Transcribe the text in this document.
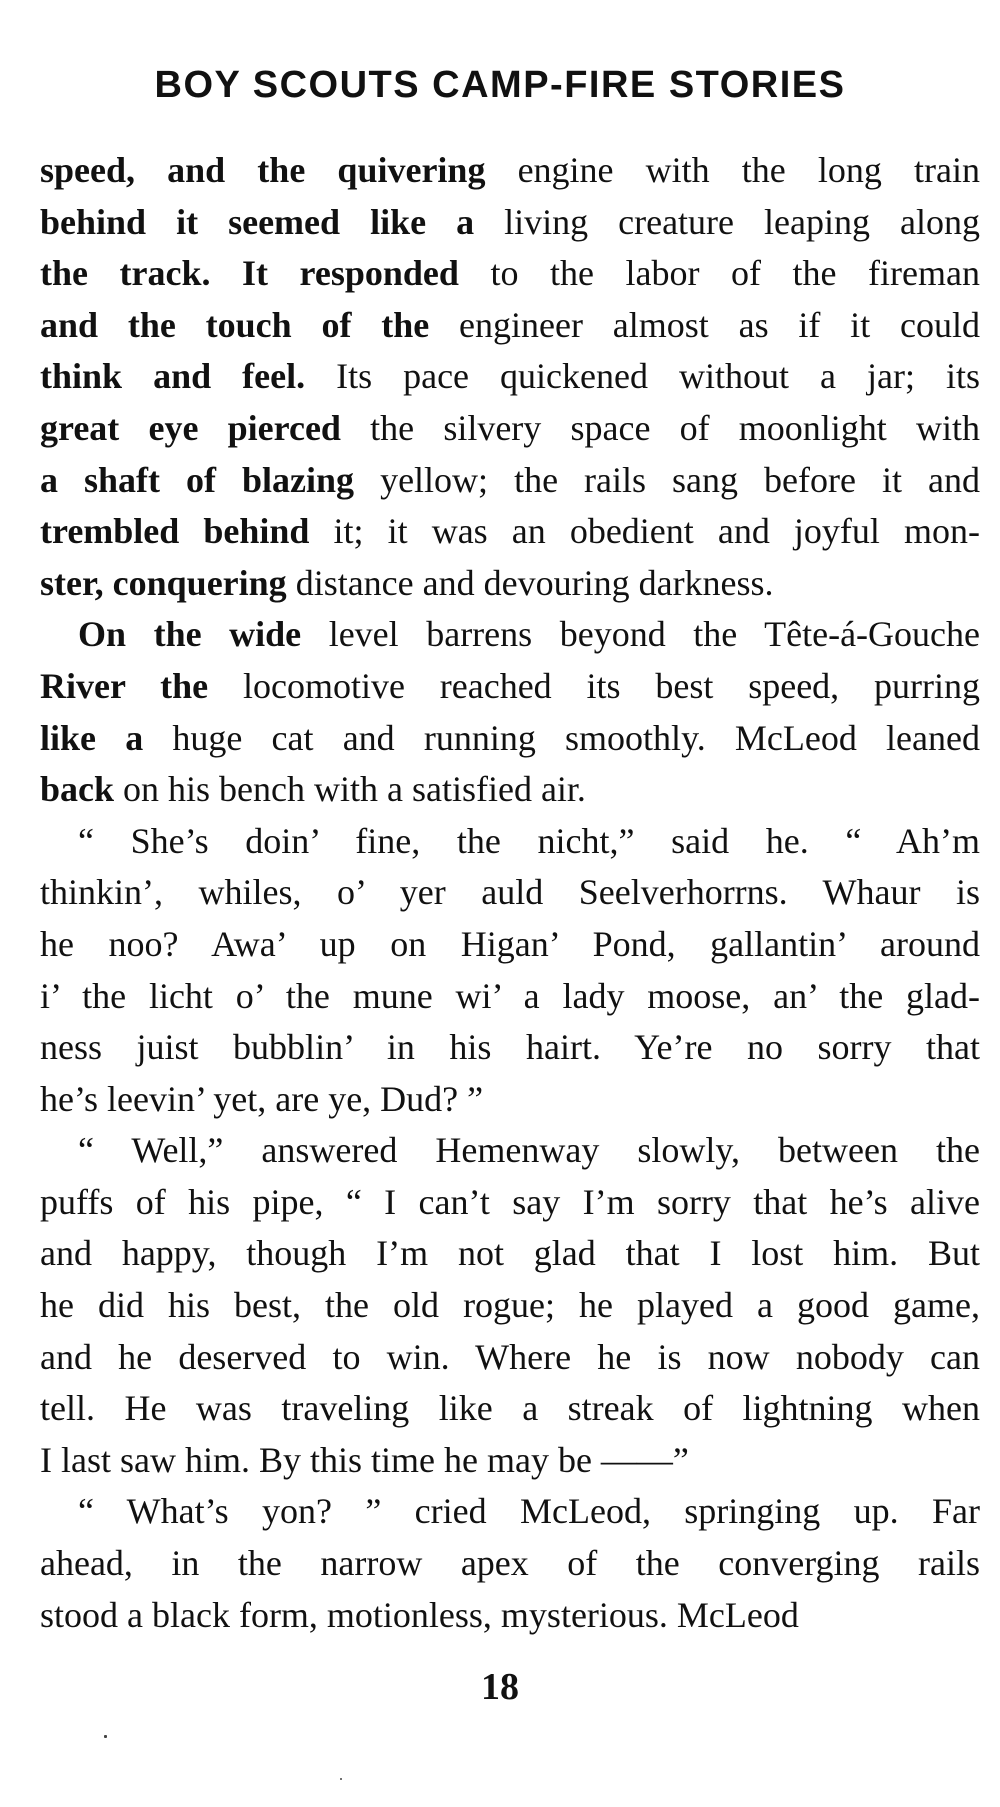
BOY SCOUTS CAMP-FIRE STORIES
speed, and the quivering engine with the long train
behind it seemed like a living creature leaping along
the track. It responded to the labor of the fireman
and the touch of the engineer almost as if it could
think and feel. Its pace quickened without a jar; its
great eye pierced the silvery space of moonlight with
a shaft of blazing yellow; the rails sang before it and
trembled behind it; it was an obedient and joyful mon-
ster, conquering distance and devouring darkness.
On the wide level barrens beyond the Tête-á-Gouche
River the locomotive reached its best speed, purring
like a huge cat and running smoothly. McLeod leaned
back on his bench with a satisfied air.
“ She’s doin’ fine, the nicht,” said he. “ Ah’m
thinkin’, whiles, o’ yer auld Seelverhorrns. Whaur is
he noo? Awa’ up on Higan’ Pond, gallantin’ around
i’ the licht o’ the mune wi’ a lady moose, an’ the glad-
ness juist bubblin’ in his hairt. Ye’re no sorry that
he’s leevin’ yet, are ye, Dud? ”
“ Well,” answered Hemenway slowly, between the
puffs of his pipe, “ I can’t say I’m sorry that he’s alive
and happy, though I’m not glad that I lost him. But
he did his best, the old rogue; he played a good game,
and he deserved to win. Where he is now nobody can
tell. He was traveling like a streak of lightning when
I last saw him. By this time he may be ——”
“ What’s yon? ” cried McLeod, springing up. Far
ahead, in the narrow apex of the converging rails
stood a black form, motionless, mysterious. McLeod
18
